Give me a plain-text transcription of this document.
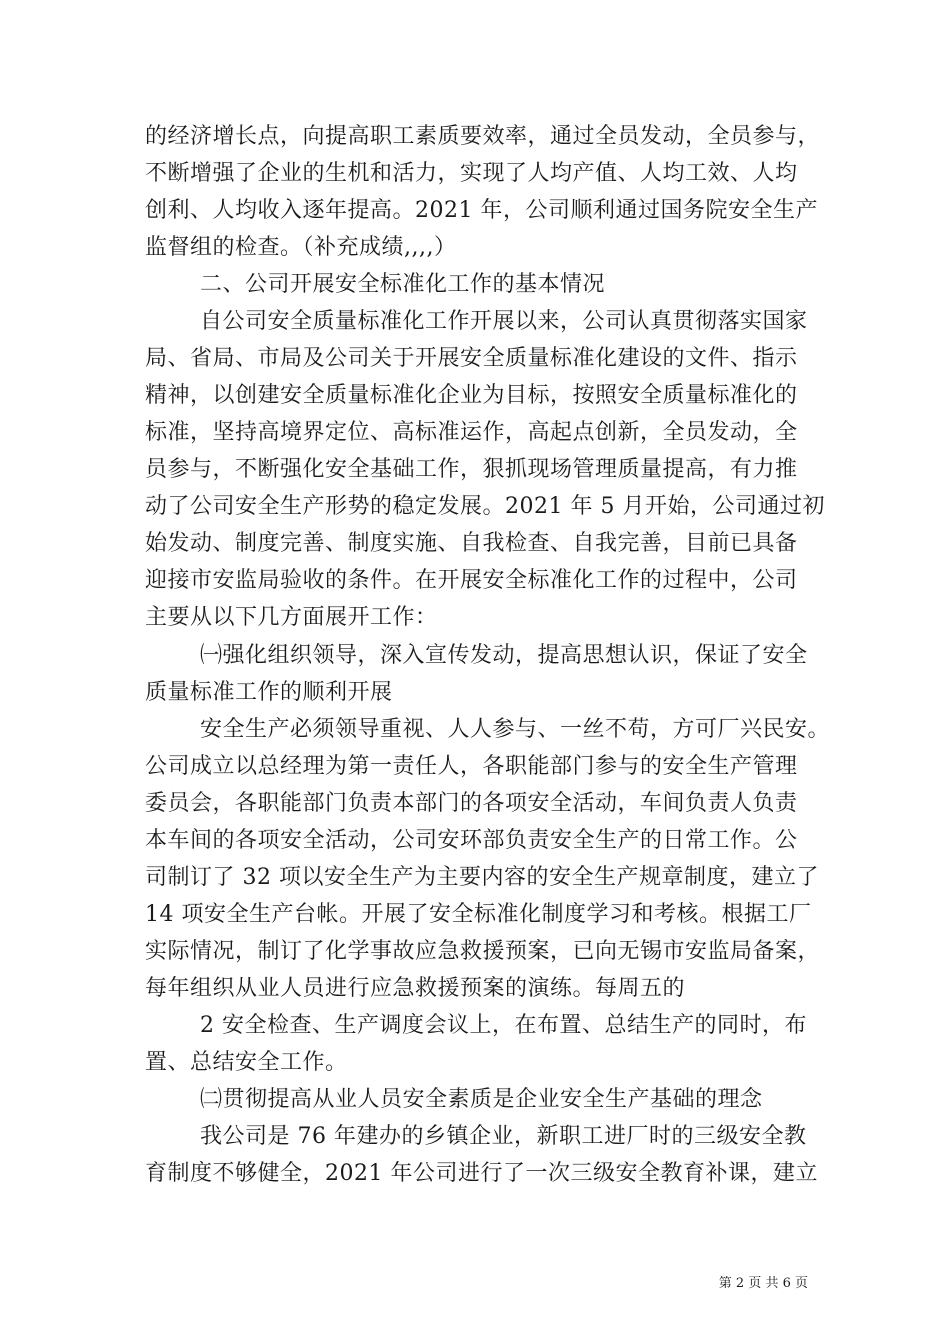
的经济增长点，向提高职工素质要效率，通过全员发动，全员参与，
不断增强了企业的生机和活力，实现了人均产值、人均工效、人均
创利、人均收入逐年提高。2021 年，公司顺利通过国务院安全生产
监督组的检查。（补充成绩,,,,）
二、公司开展安全标准化工作的基本情况
自公司安全质量标准化工作开展以来，公司认真贯彻落实国家
局、省局、市局及公司关于开展安全质量标准化建设的文件、指示
精神，以创建安全质量标准化企业为目标，按照安全质量标准化的
标准，坚持高境界定位、高标准运作，高起点创新，全员发动，全
员参与，不断强化安全基础工作，狠抓现场管理质量提高，有力推
动了公司安全生产形势的稳定发展。2021 年 5 月开始，公司通过初
始发动、制度完善、制度实施、自我检查、自我完善，目前已具备
迎接市安监局验收的条件。在开展安全标准化工作的过程中，公司
主要从以下几方面展开工作：
㈠强化组织领导，深入宣传发动，提高思想认识，保证了安全
质量标准工作的顺利开展
安全生产必须领导重视、人人参与、一丝不苟，方可厂兴民安。
公司成立以总经理为第一责任人，各职能部门参与的安全生产管理
委员会，各职能部门负责本部门的各项安全活动，车间负责人负责
本车间的各项安全活动，公司安环部负责安全生产的日常工作。公
司制订了 32 项以安全生产为主要内容的安全生产规章制度，建立了
14 项安全生产台帐。开展了安全标准化制度学习和考核。根据工厂
实际情况，制订了化学事故应急救援预案，已向无锡市安监局备案，
每年组织从业人员进行应急救援预案的演练。每周五的
2 安全检查、生产调度会议上，在布置、总结生产的同时，布
置、总结安全工作。
㈡贯彻提高从业人员安全素质是企业安全生产基础的理念
我公司是 76 年建办的乡镇企业，新职工进厂时的三级安全教
育制度不够健全，2021 年公司进行了一次三级安全教育补课，建立
第 2 页 共 6 页
